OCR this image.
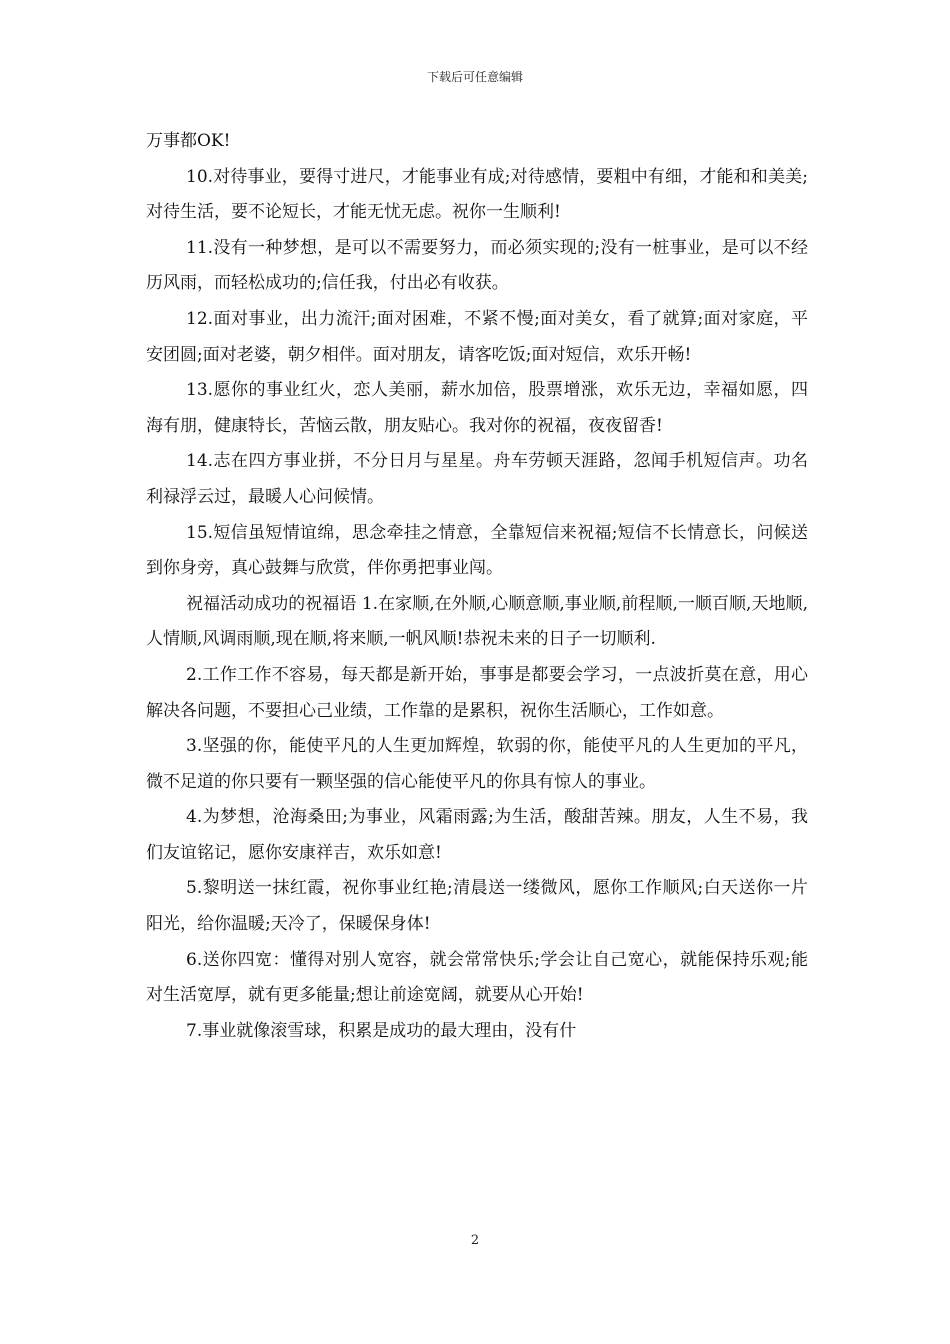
下载后可任意编辑

万事都OK!

10.对待事业，要得寸进尺，才能事业有成;对待感情，要粗中有细，才能和和美美;对待生活，要不论短长，才能无忧无虑。祝你一生顺利!

11.没有一种梦想，是可以不需要努力，而必须实现的;没有一桩事业，是可以不经历风雨，而轻松成功的;信任我，付出必有收获。

12.面对事业，出力流汗;面对困难，不紧不慢;面对美女，看了就算;面对家庭，平安团圆;面对老婆，朝夕相伴。面对朋友，请客吃饭;面对短信，欢乐开畅!

13.愿你的事业红火，恋人美丽，薪水加倍，股票增涨，欢乐无边，幸福如愿，四海有朋，健康特长，苦恼云散，朋友贴心。我对你的祝福，夜夜留香!

14.志在四方事业拼，不分日月与星星。舟车劳顿天涯路，忽闻手机短信声。功名利禄浮云过，最暖人心问候情。

15.短信虽短情谊绵，思念牵挂之情意，全靠短信来祝福;短信不长情意长，问候送到你身旁，真心鼓舞与欣赏，伴你勇把事业闯。

祝福活动成功的祝福语 1.在家顺,在外顺,心顺意顺,事业顺,前程顺,一顺百顺,天地顺,人情顺,风调雨顺,现在顺,将来顺,一帆风顺!恭祝未来的日子一切顺利.

2.工作工作不容易，每天都是新开始，事事是都要会学习，一点波折莫在意，用心解决各问题，不要担心己业绩，工作靠的是累积，祝你生活顺心，工作如意。

3.坚强的你，能使平凡的人生更加辉煌，软弱的你，能使平凡的人生更加的平凡，微不足道的你只要有一颗坚强的信心能使平凡的你具有惊人的事业。

4.为梦想，沧海桑田;为事业，风霜雨露;为生活，酸甜苦辣。朋友，人生不易，我们友谊铭记，愿你安康祥吉，欢乐如意!

5.黎明送一抹红霞，祝你事业红艳;清晨送一缕微风，愿你工作顺风;白天送你一片阳光，给你温暖;天冷了，保暖保身体!

6.送你四宽：懂得对别人宽容，就会常常快乐;学会让自己宽心，就能保持乐观;能对生活宽厚，就有更多能量;想让前途宽阔，就要从心开始!

7.事业就像滚雪球，积累是成功的最大理由，没有什

2
